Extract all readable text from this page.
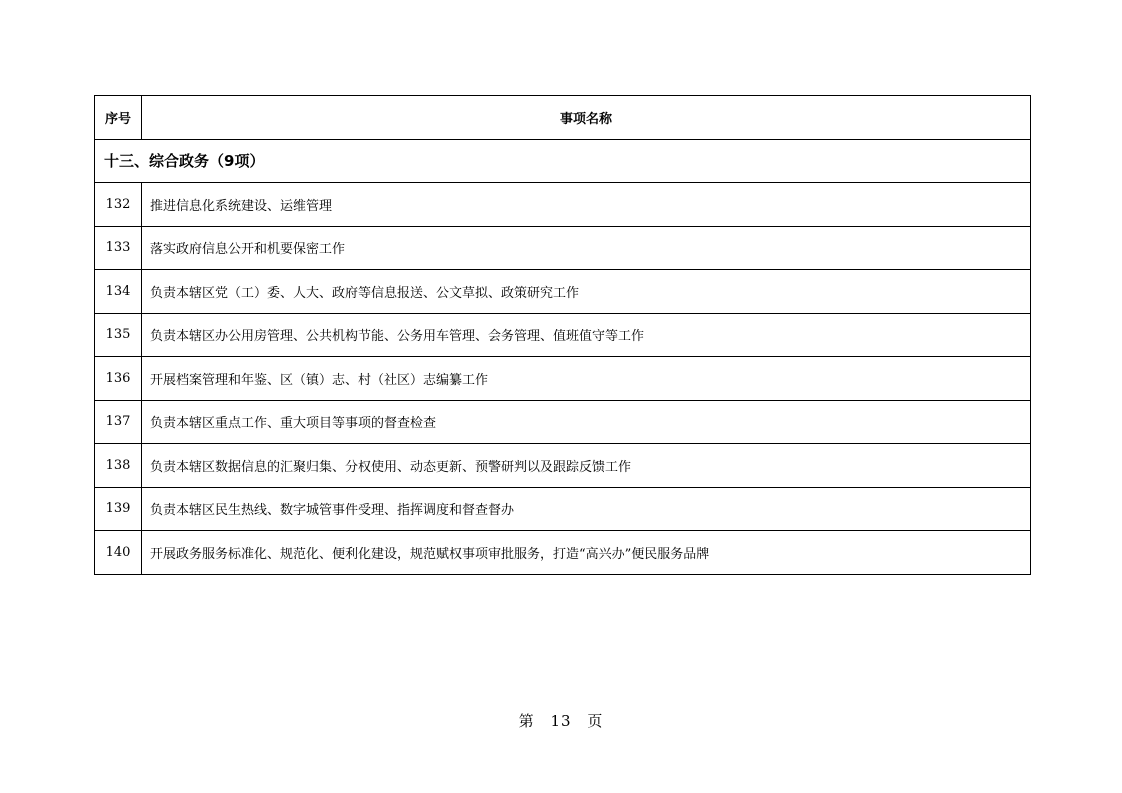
序号	事项名称
十三、综合政务（9项）	
132	推进信息化系统建设、运维管理
133	落实政府信息公开和机要保密工作
134	负责本辖区党（工）委、人大、政府等信息报送、公文草拟、政策研究工作
135	负责本辖区办公用房管理、公共机构节能、公务用车管理、会务管理、值班值守等工作
136	开展档案管理和年鉴、区（镇）志、村（社区）志编纂工作
137	负责本辖区重点工作、重大项目等事项的督查检查
138	负责本辖区数据信息的汇聚归集、分权使用、动态更新、预警研判以及跟踪反馈工作
139	负责本辖区民生热线、数字城管事件受理、指挥调度和督查督办
140	开展政务服务标准化、规范化、便利化建设，规范赋权事项审批服务，打造“高兴办”便民服务品牌
第 13 页
